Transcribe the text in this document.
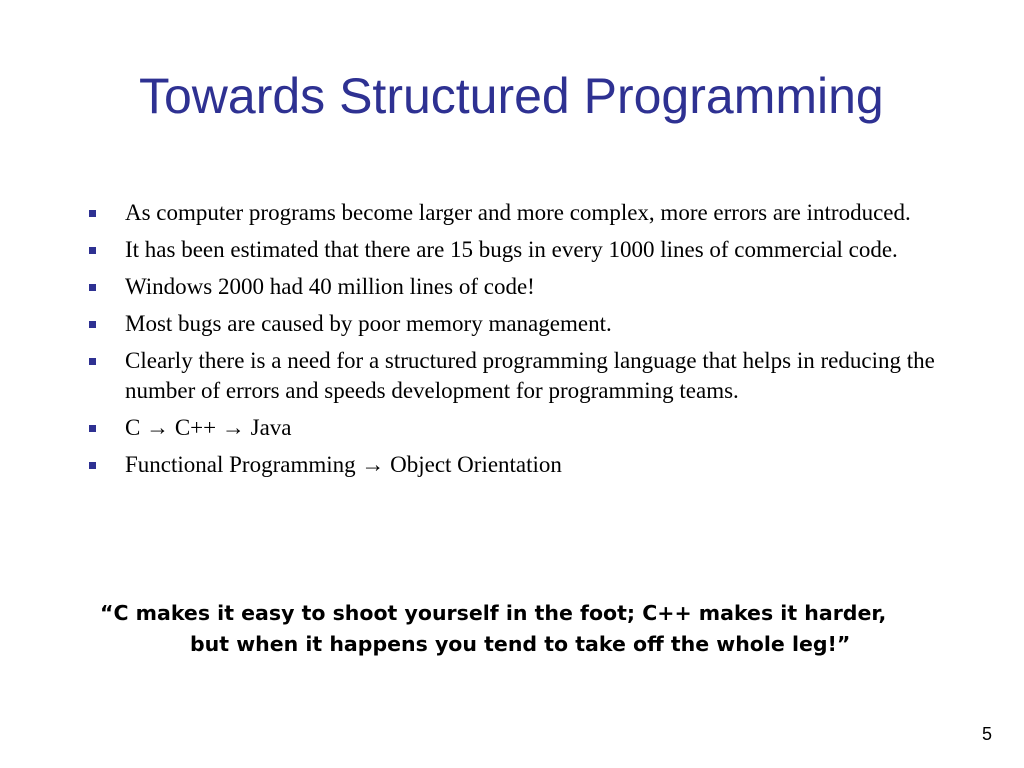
Towards Structured Programming
As computer programs become larger and more complex, more errors are introduced.
It has been estimated that there are 15 bugs in every 1000 lines of commercial code.
Windows 2000 had 40 million lines of code!
Most bugs are caused by poor memory management.
Clearly there is a need for a structured programming language that helps in reducing the number of errors and speeds development for programming teams.
C → C++ → Java
Functional Programming → Object Orientation
“C makes it easy to shoot yourself in the foot; C++ makes it harder,
but when it happens you tend to take off the whole leg!”
5
